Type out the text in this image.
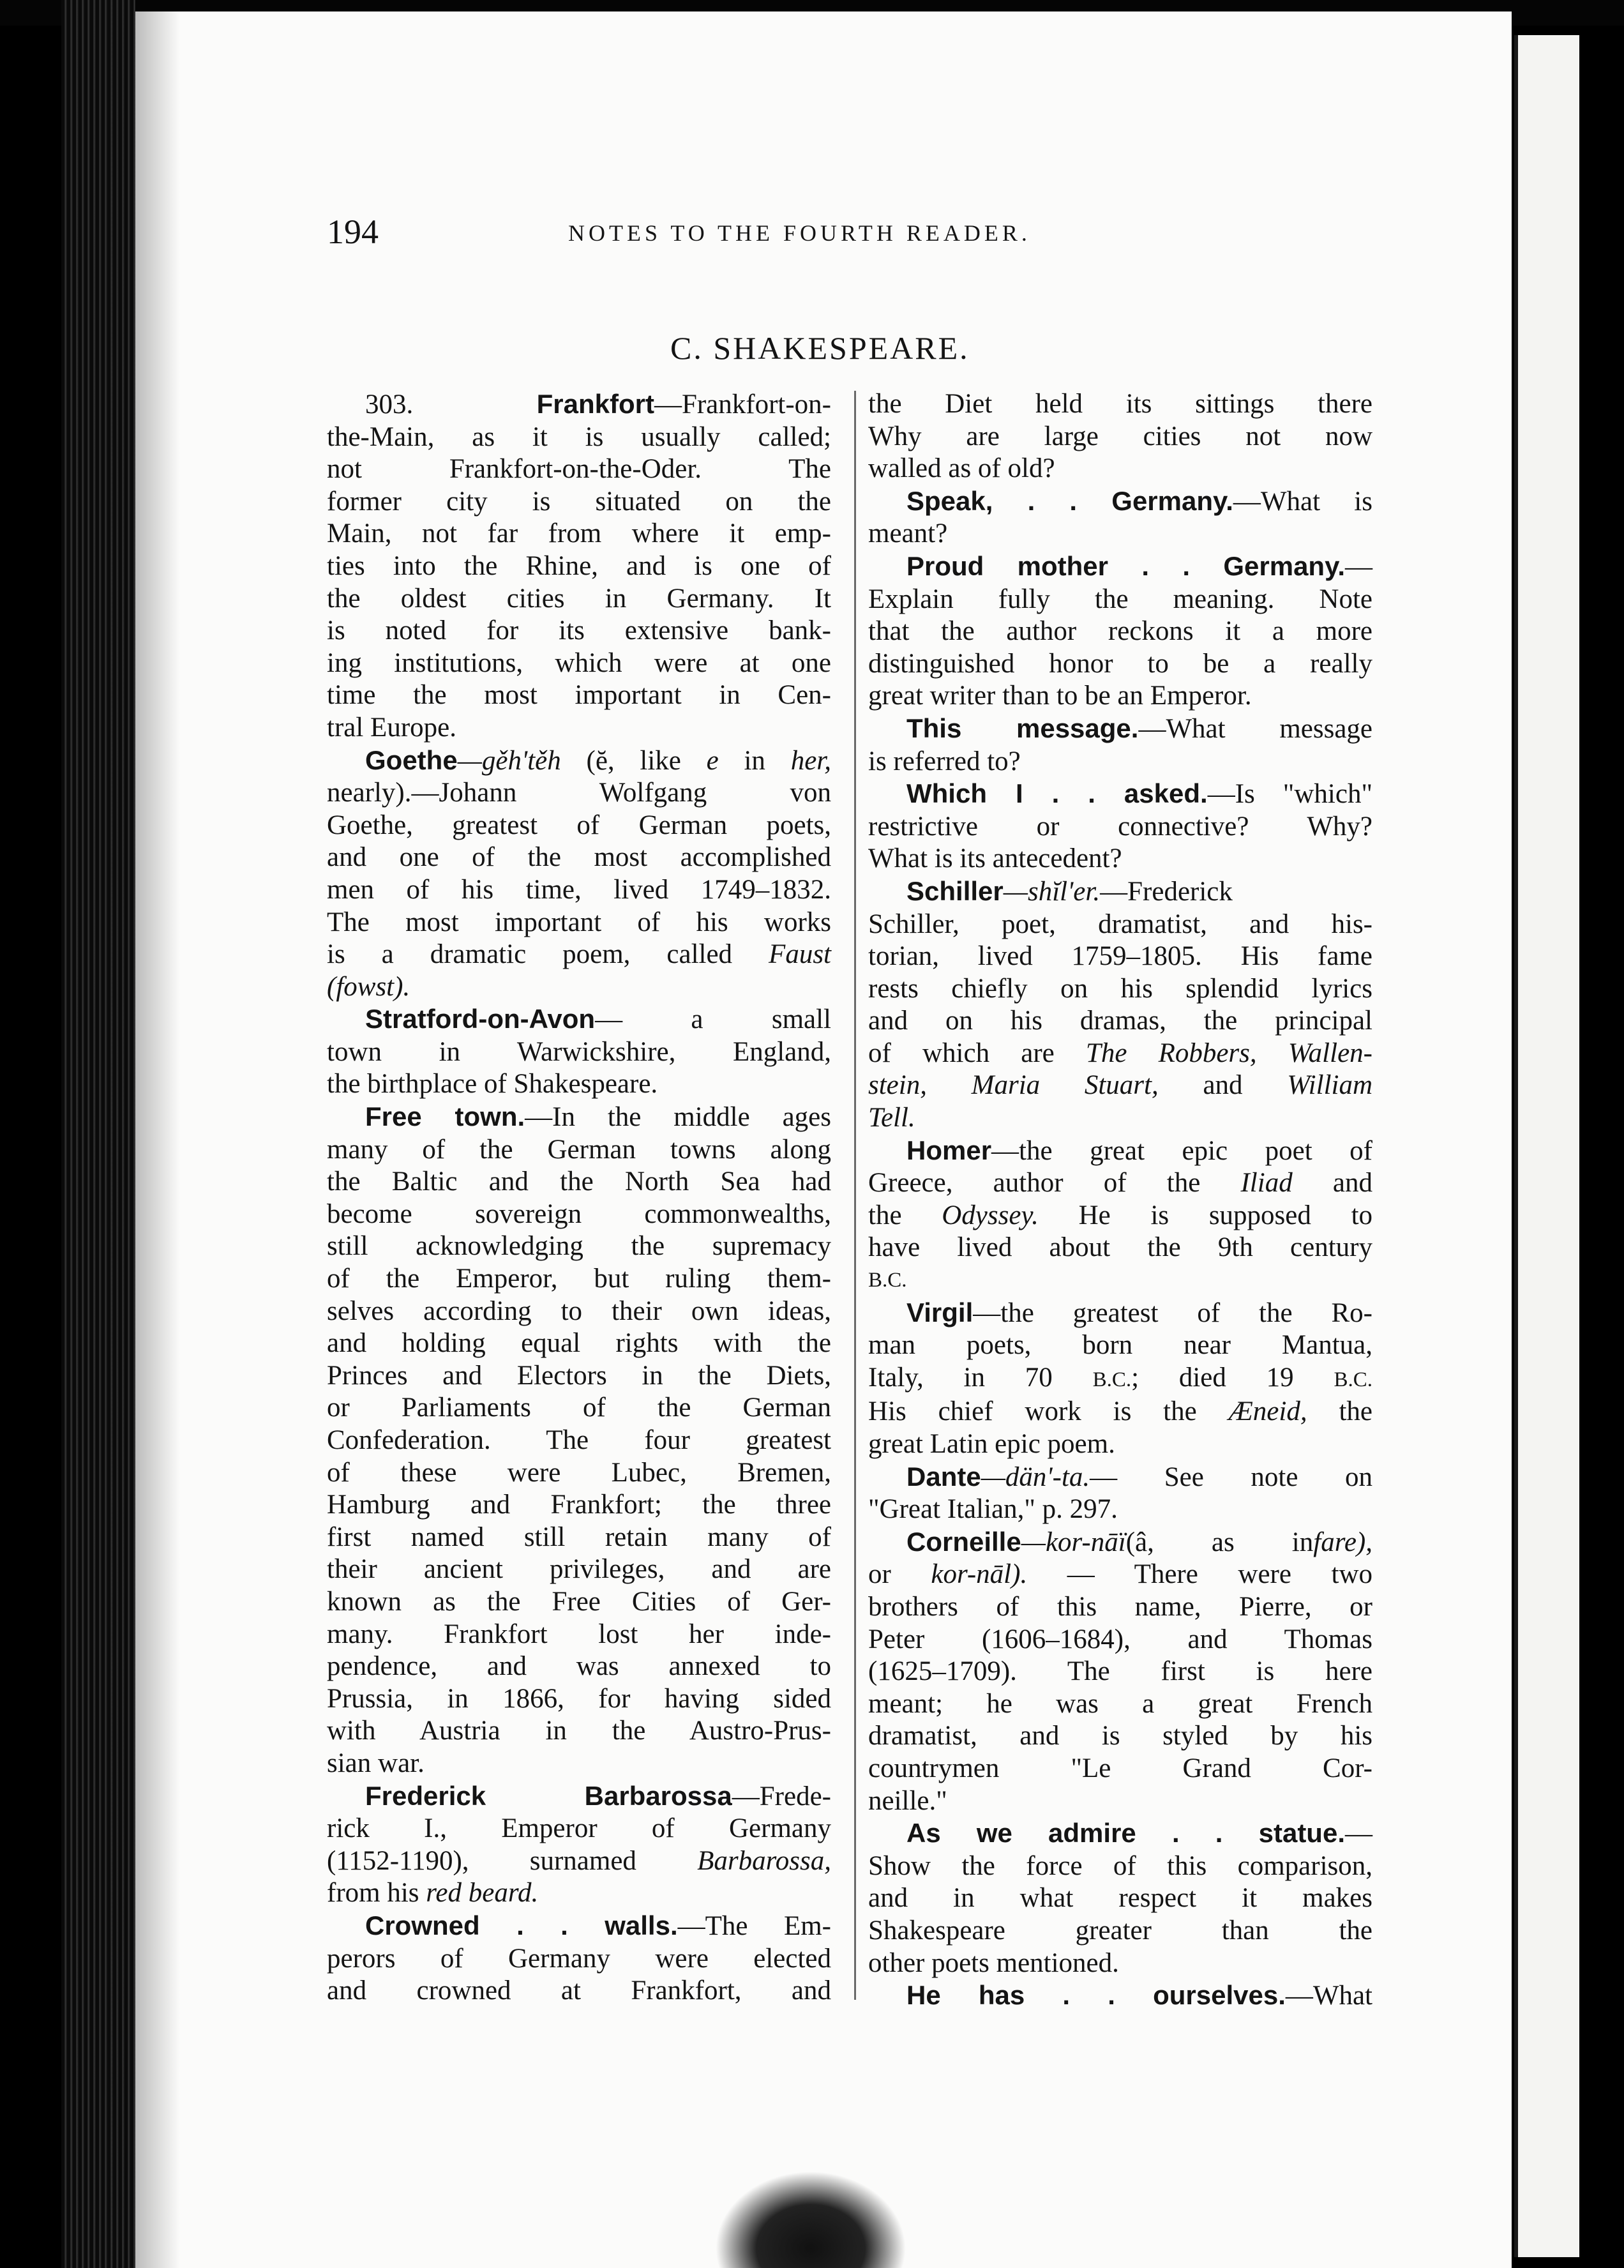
194	NOTES TO THE FOURTH READER.
C. SHAKESPEARE.
303.	Frankfort—Frankfort-on-
the-Main, as it is usually called;
not Frankfort-on-the-Oder. The
former city is situated on the
Main, not far from where it emp-
ties into the Rhine, and is one of
the oldest cities in Germany. It
is noted for its extensive bank-
ing institutions, which were at one
time the most important in Cen-
tral Europe.
Goethe—gěh'těh (ĕ, like e in her,
nearly).—Johann Wolfgang von
Goethe, greatest of German poets,
and one of the most accomplished
men of his time, lived 1749–1832.
The most important of his works
is a dramatic poem, called Faust
(fowst).
Stratford-on-Avon— a small
town in Warwickshire, England,
the birthplace of Shakespeare.
Free town.—In the middle ages
many of the German towns along
the Baltic and the North Sea had
become sovereign commonwealths,
still acknowledging the supremacy
of the Emperor, but ruling them-
selves according to their own ideas,
and holding equal rights with the
Princes and Electors in the Diets,
or Parliaments of the German
Confederation. The four greatest
of these were Lubec, Bremen,
Hamburg and Frankfort; the three
first named still retain many of
their ancient privileges, and are
known as the Free Cities of Ger-
many. Frankfort lost her inde-
pendence, and was annexed to
Prussia, in 1866, for having sided
with Austria in the Austro-Prus-
sian war.
Frederick Barbarossa—Frede-
rick I., Emperor of Germany
(1152-1190), surnamed Barbarossa,
from his red beard.
Crowned . . walls.—The Em-
perors of Germany were elected
and crowned at Frankfort, and
the Diet held its sittings there
Why are large cities not now
walled as of old?
Speak, . . Germany.—What is
meant?
Proud mother . . Germany.—
Explain fully the meaning. Note
that the author reckons it a more
distinguished honor to be a really
great writer than to be an Emperor.
This message.—What message
is referred to?
Which I . . asked.—Is "which"
restrictive or connective? Why?
What is its antecedent?
Schiller—shĭl'er.—Frederick
Schiller, poet, dramatist, and his-
torian, lived 1759–1805. His fame
rests chiefly on his splendid lyrics
and on his dramas, the principal
of which are The Robbers, Wallen-
stein, Maria Stuart, and William
Tell.
Homer—the great epic poet of
Greece, author of the Iliad and
the Odyssey. He is supposed to
have lived about the 9th century
B.C.
Virgil—the greatest of the Ro-
man poets, born near Mantua,
Italy, in 70 B.C.; died 19 B.C.
His chief work is the Æneid, the
great Latin epic poem.
Dante—dän'-ta.— See note on
"Great Italian," p. 297.
Corneille—kor-nāï(â, as infare),
or kor-nāl). — There were two
brothers of this name, Pierre, or
Peter (1606–1684), and Thomas
(1625–1709). The first is here
meant; he was a great French
dramatist, and is styled by his
countrymen "Le Grand Cor-
neille."
As we admire . . statue.—
Show the force of this comparison,
and in what respect it makes
Shakespeare greater than the
other poets mentioned.
He has . . ourselves.—What
